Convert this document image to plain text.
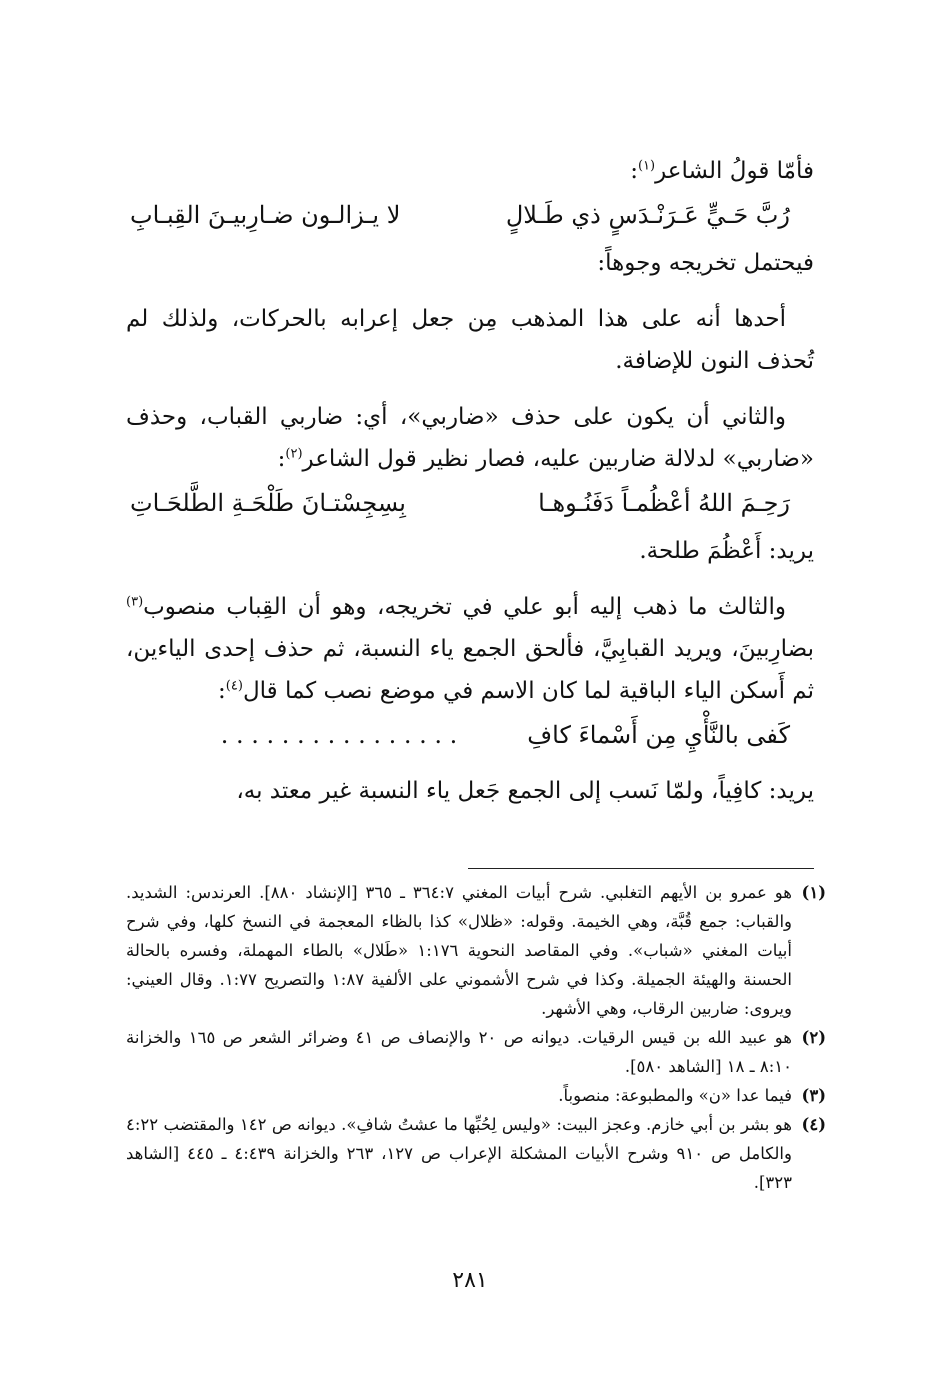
فأمّا قولُ الشاعر$^{(١)}$:

رُبَّ حَـيٍّ عَـرَنْـدَسٍ ذي طَـلالٍ
لا يـزالـون ضـارِبيـنَ القِبـابِ

فيحتمل تخريجه وجوهاً:

أحدها أنه على هذا المذهب مِن جعل إعرابه بالحركات، ولذلك لم تُحذف النون للإضافة.

والثاني أن يكون على حذف «ضاربي»، أي: ضاربي القباب، وحذف «ضاربي» لدلالة ضاربين عليه، فصار نظير قول الشاعر$^{(٢)}$:

رَحِـمَ اللهُ أعْظُمـاً دَفَنُـوهـا
بِسِجِسْتـانَ طَلْحَـةِ الطَّلحَـاتِ

يريد: أَعْظُمَ طلحة.

والثالث ما ذهب إليه أبو علي في تخريجه، وهو أن القِباب منصوب$^{(٣)}$ بضارِبينَ، ويريد القبابِيَّ، فألحق الجمع ياء النسبة، ثم حذف إحدى الياءين، ثم أَسكن الياء الباقية لما كان الاسم في موضع نصب كما قال$^{(٤)}$:

كَفى بالنَّأْيِ مِن أَسْماءَ كافِ
. . . . . . . . . . . . . . . .

يريد: كافِياً، ولمّا نَسب إلى الجمع جَعل ياء النسبة غير معتد به،

(١)
هو عمرو بن الأيهم التغلبي. شرح أبيات المغني ٣٦٤:٧ ـ ٣٦٥ [الإنشاد ٨٨٠]. العرندس: الشديد. والقباب: جمع قُبَّة، وهي الخيمة. وقوله: «ظلال» كذا بالظاء المعجمة في النسخ كلها، وفي شرح أبيات المغني «شباب». وفي المقاصد النحوية ١:١٧٦ «طَلال» بالطاء المهملة، وفسره بالحالة الحسنة والهيئة الجميلة. وكذا في شرح الأشموني على الألفية ١:٨٧ والتصريح ١:٧٧. وقال العيني: ويروى: ضاربين الرقاب، وهي الأشهر.
(٢)
هو عبيد الله بن قيس الرقيات. ديوانه ص ٢٠ والإنصاف ص ٤١ وضرائر الشعر ص ١٦٥ والخزانة ٨:١٠ ـ ١٨ [الشاهد ٥٨٠].
(٣)
فيما عدا «ن» والمطبوعة: منصوباً.
(٤)
هو بشر بن أبي خازم. وعجز البيت: «وليس لِحُبِّها ما عشتُ شافِ». ديوانه ص ١٤٢ والمقتضب ٤:٢٢ والكامل ص ٩١٠ وشرح الأبيات المشكلة الإعراب ص ١٢٧، ٢٦٣ والخزانة ٤:٤٣٩ ـ ٤٤٥ [الشاهد ٣٢٣].
٢٨١
